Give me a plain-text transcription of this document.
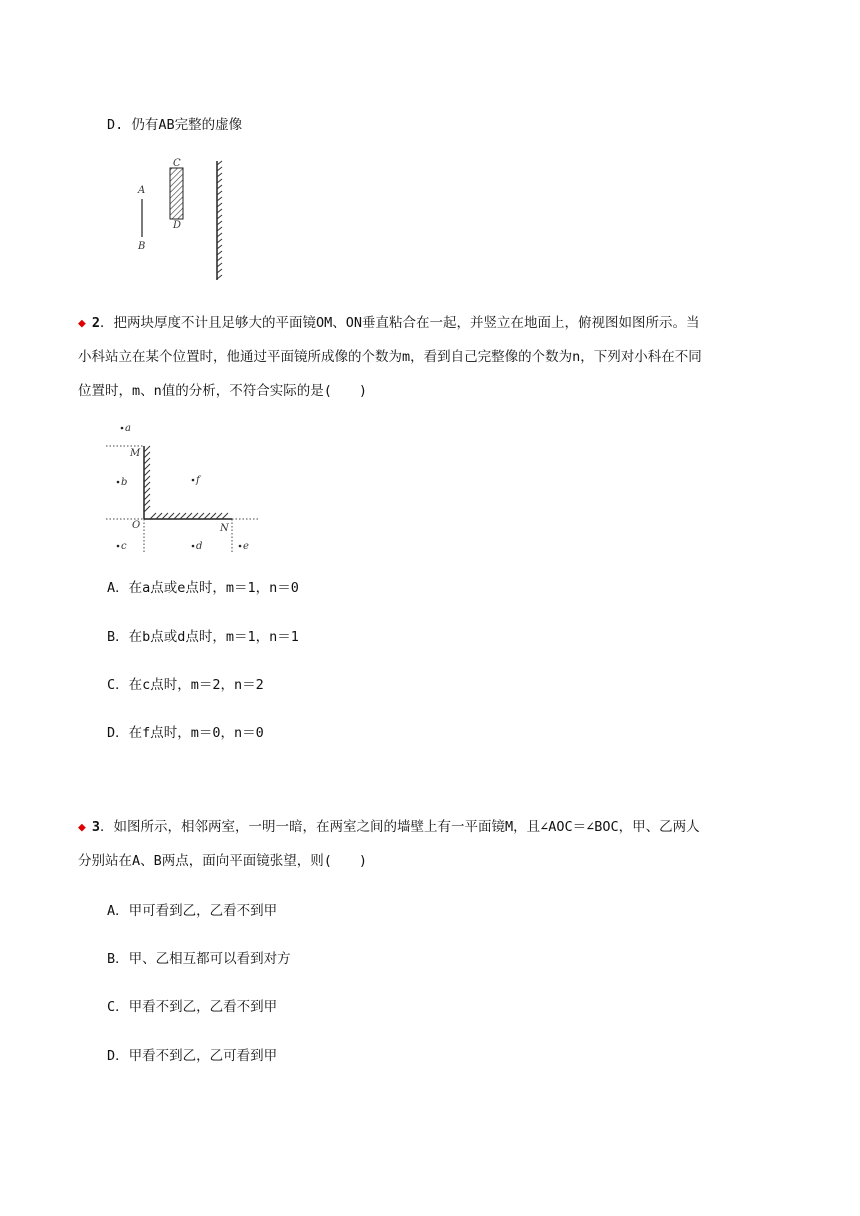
D. 仍有AB完整的虚像
A
B
C
D
◆ 2．把两块厚度不计且足够大的平面镜OM、ON垂直粘合在一起，并竖立在地面上，俯视图如图所示。当
小科站立在某个位置时，他通过平面镜所成像的个数为m，看到自己完整像的个数为n，下列对小科在不同
位置时，m、n值的分析，不符合实际的是(　　)
a
b	f
c	d	e
M
O	N
A．在a点或e点时，m＝1，n＝0
B．在b点或d点时，m＝1，n＝1
C．在c点时，m＝2，n＝2
D．在f点时，m＝0，n＝0
◆ 3．如图所示，相邻两室，一明一暗，在两室之间的墙壁上有一平面镜M，且∠AOC＝∠BOC，甲、乙两人
分别站在A、B两点，面向平面镜张望，则(　　)
A．甲可看到乙，乙看不到甲
B．甲、乙相互都可以看到对方
C．甲看不到乙，乙看不到甲
D．甲看不到乙，乙可看到甲
